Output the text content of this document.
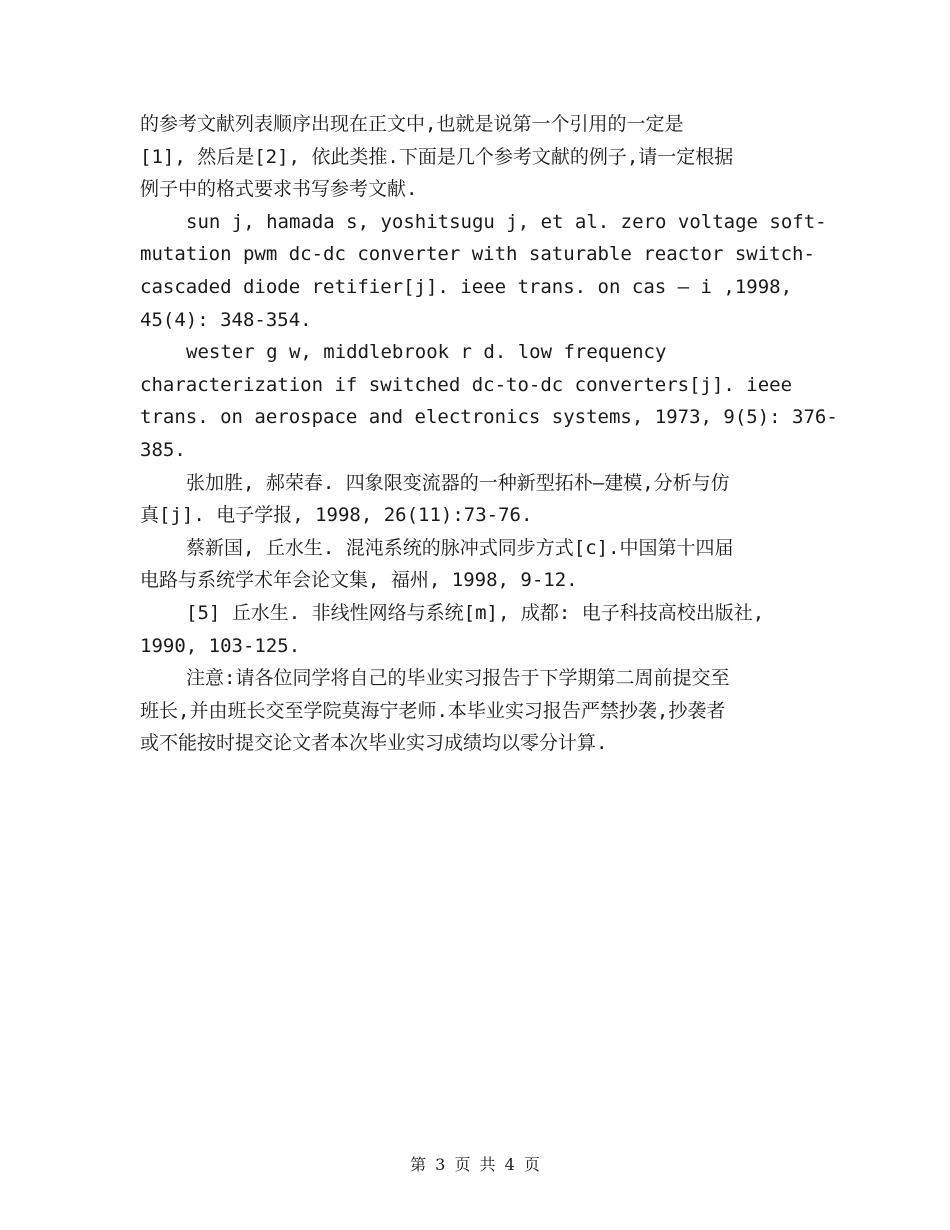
的参考文献列表顺序出现在正文中,也就是说第一个引用的一定是
[1], 然后是[2], 依此类推.下面是几个参考文献的例子,请一定根据
例子中的格式要求书写参考文献.
sun j, hamada s, yoshitsugu j, et al. zero voltage soft-
mutation pwm dc-dc converter with saturable reactor switch-
cascaded diode retifier[j]. ieee trans. on cas – i ,1998,
45(4): 348-354.
wester g w, middlebrook r d. low frequency
characterization if switched dc-to-dc converters[j]. ieee
trans. on aerospace and electronics systems, 1973, 9(5): 376-
385.
张加胜, 郝荣春. 四象限变流器的一种新型拓朴—建模,分析与仿
真[j]. 电子学报, 1998, 26(11):73-76.
蔡新国, 丘水生. 混沌系统的脉冲式同步方式[c].中国第十四届
电路与系统学术年会论文集, 福州, 1998, 9-12.
[5] 丘水生. 非线性网络与系统[m], 成都: 电子科技高校出版社,
1990, 103-125.
注意:请各位同学将自己的毕业实习报告于下学期第二周前提交至
班长,并由班长交至学院莫海宁老师.本毕业实习报告严禁抄袭,抄袭者
或不能按时提交论文者本次毕业实习成绩均以零分计算.
第 3 页 共 4 页
